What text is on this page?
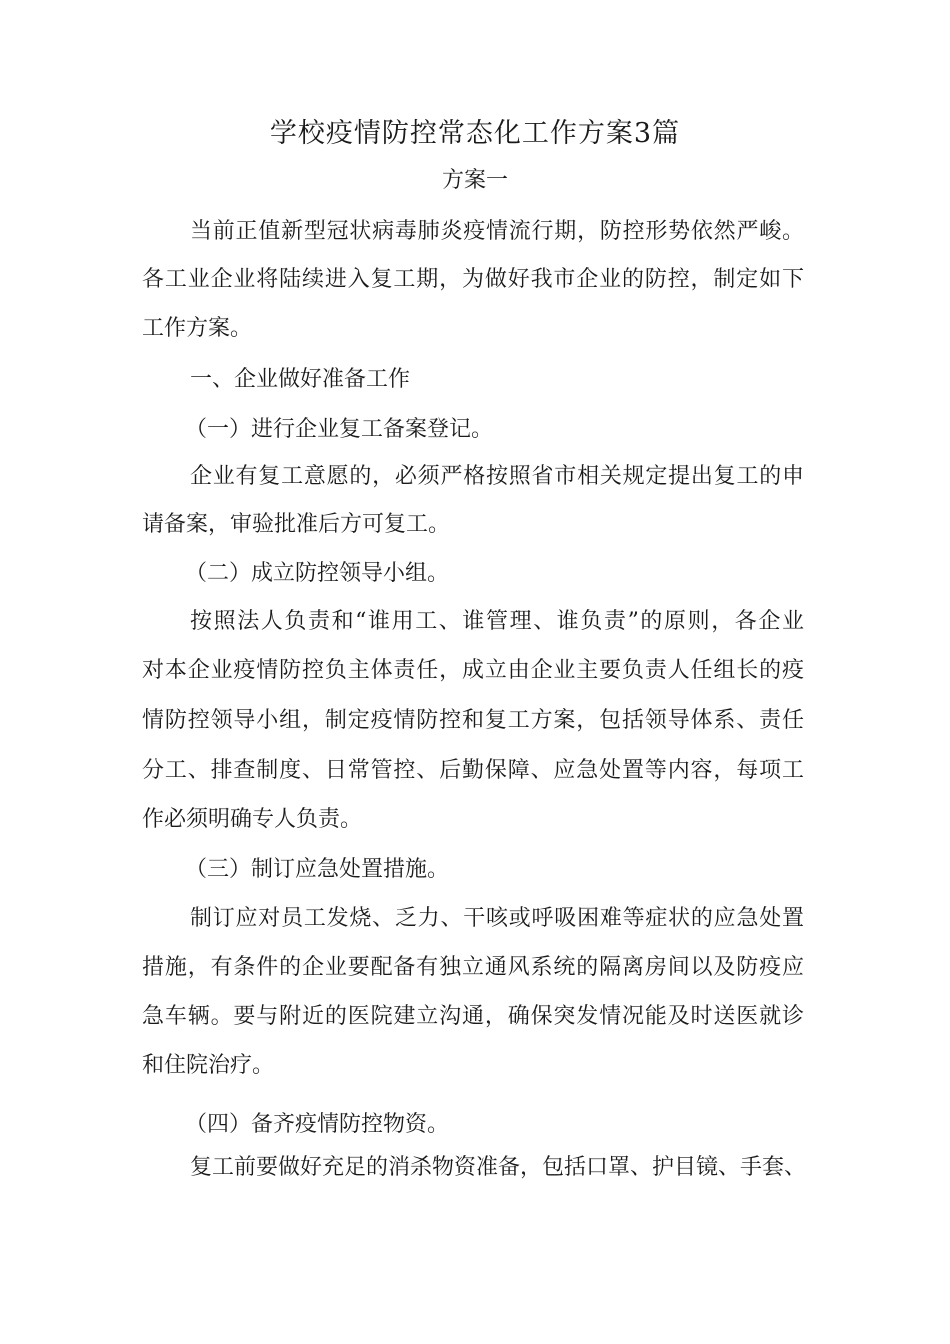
学校疫情防控常态化工作方案3篇
方案一
当前正值新型冠状病毒肺炎疫情流行期，防控形势依然严峻。
各工业企业将陆续进入复工期，为做好我市企业的防控，制定如下
工作方案。
一、企业做好准备工作
（一）进行企业复工备案登记。
企业有复工意愿的，必须严格按照省市相关规定提出复工的申
请备案，审验批准后方可复工。
（二）成立防控领导小组。
按照法人负责和“谁用工、谁管理、谁负责”的原则，各企业
对本企业疫情防控负主体责任，成立由企业主要负责人任组长的疫
情防控领导小组，制定疫情防控和复工方案，包括领导体系、责任
分工、排查制度、日常管控、后勤保障、应急处置等内容，每项工
作必须明确专人负责。
（三）制订应急处置措施。
制订应对员工发烧、乏力、干咳或呼吸困难等症状的应急处置
措施，有条件的企业要配备有独立通风系统的隔离房间以及防疫应
急车辆。要与附近的医院建立沟通，确保突发情况能及时送医就诊
和住院治疗。
（四）备齐疫情防控物资。
复工前要做好充足的消杀物资准备，包括口罩、护目镜、手套、
